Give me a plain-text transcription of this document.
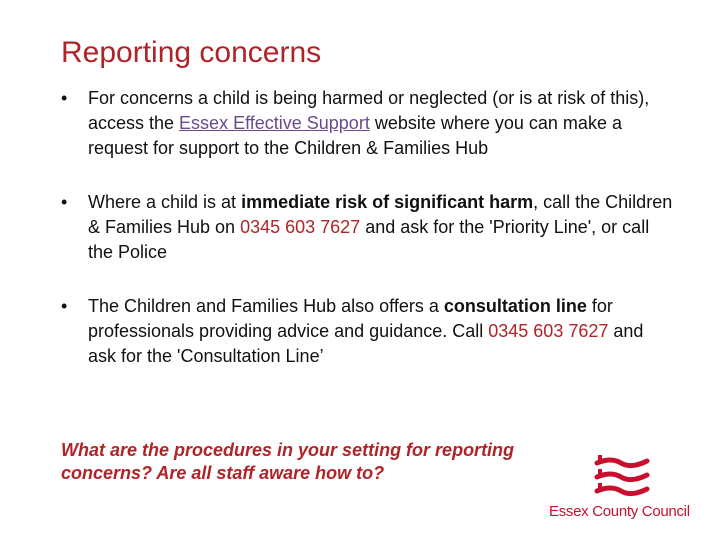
Reporting concerns
• For concerns a child is being harmed or neglected (or is at risk of this), access the Essex Effective Support website where you can make a request for support to the Children & Families Hub
• Where a child is at immediate risk of significant harm, call the Children & Families Hub on 0345 603 7627 and ask for the 'Priority Line', or call the Police
• The Children and Families Hub also offers a consultation line for professionals providing advice and guidance. Call 0345 603 7627 and ask for the 'Consultation Line’

What are the procedures in your setting for reporting concerns? Are all staff aware how to?

Essex County Council
